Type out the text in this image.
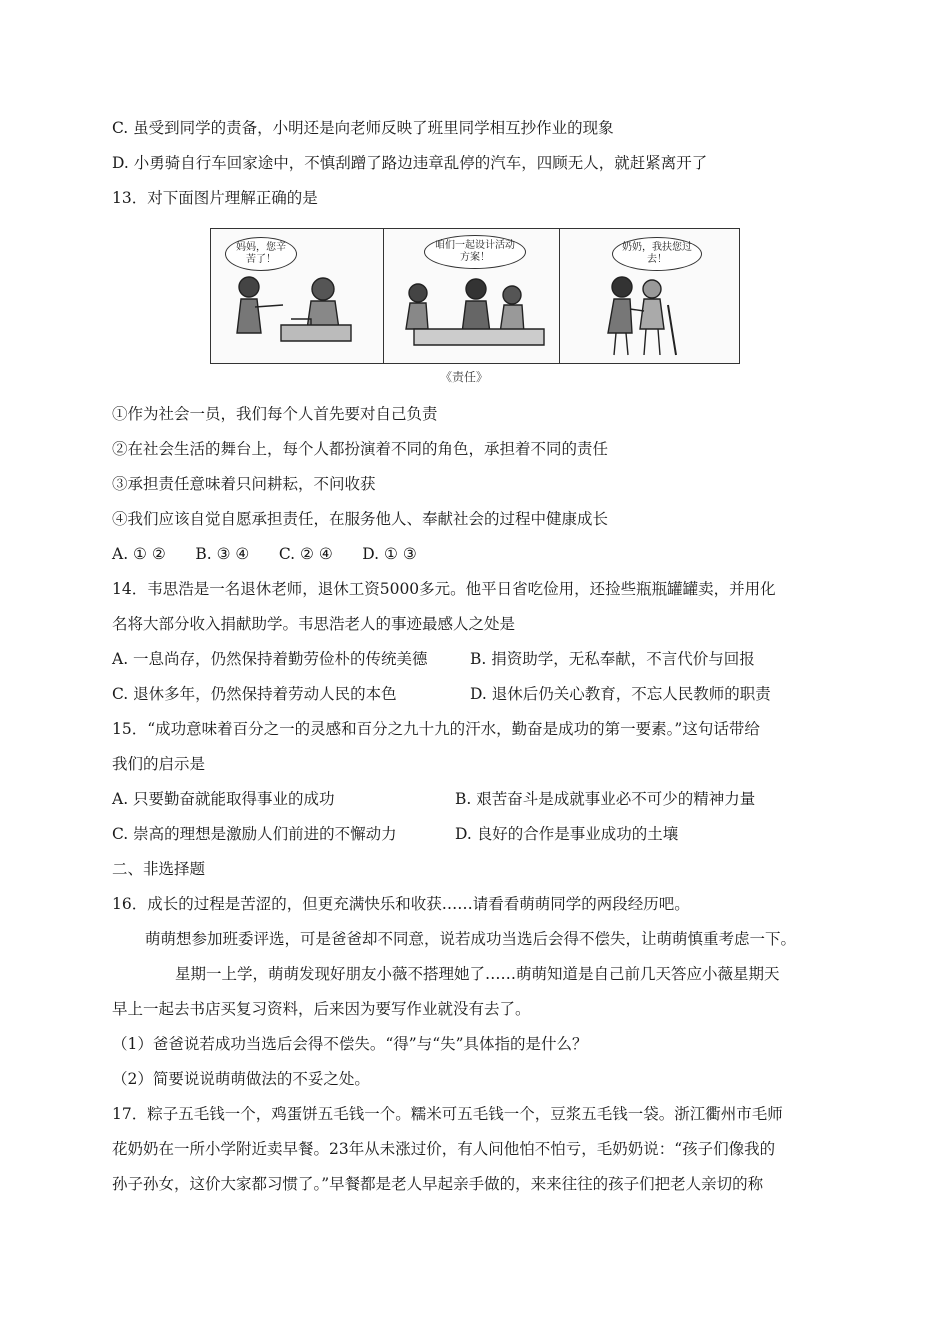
C. 虽受到同学的责备，小明还是向老师反映了班里同学相互抄作业的现象
D. 小勇骑自行车回家途中，不慎刮蹭了路边违章乱停的汽车，四顾无人，就赶紧离开了
13．对下面图片理解正确的是
妈妈，您辛苦了！
咱们一起设计活动方案！
奶奶，我扶您过去！
《责任》
①作为社会一员，我们每个人首先要对自己负责
②在社会生活的舞台上，每个人都扮演着不同的角色，承担着不同的责任
③承担责任意味着只问耕耘，不问收获
④我们应该自觉自愿承担责任，在服务他人、奉献社会的过程中健康成长
A. ① ②      B. ③ ④      C. ② ④      D. ① ③
14．韦思浩是一名退休老师，退休工资5000多元。他平日省吃俭用，还捡些瓶瓶罐罐卖，并用化
名将大部分收入捐献助学。韦思浩老人的事迹最感人之处是
A. 一息尚存，仍然保持着勤劳俭朴的传统美德	B. 捐资助学，无私奉献，不言代价与回报
C. 退休多年，仍然保持着劳动人民的本色	D. 退休后仍关心教育，不忘人民教师的职责
15．“成功意味着百分之一的灵感和百分之九十九的汗水，勤奋是成功的第一要素。”这句话带给
我们的启示是
A. 只要勤奋就能取得事业的成功	B. 艰苦奋斗是成就事业必不可少的精神力量
C. 崇高的理想是激励人们前进的不懈动力	D. 良好的合作是事业成功的土壤
二、非选择题
16．成长的过程是苦涩的，但更充满快乐和收获……请看看萌萌同学的两段经历吧。
萌萌想参加班委评选，可是爸爸却不同意，说若成功当选后会得不偿失，让萌萌慎重考虑一下。
星期一上学，萌萌发现好朋友小薇不搭理她了……萌萌知道是自己前几天答应小薇星期天
早上一起去书店买复习资料，后来因为要写作业就没有去了。
（1）爸爸说若成功当选后会得不偿失。“得”与“失”具体指的是什么？
（2）简要说说萌萌做法的不妥之处。
17．粽子五毛钱一个，鸡蛋饼五毛钱一个。糯米可五毛钱一个，豆浆五毛钱一袋。浙江衢州市毛师
花奶奶在一所小学附近卖早餐。23年从未涨过价，有人问他怕不怕亏，毛奶奶说：“孩子们像我的
孙子孙女，这价大家都习惯了。”早餐都是老人早起亲手做的，来来往往的孩子们把老人亲切的称
